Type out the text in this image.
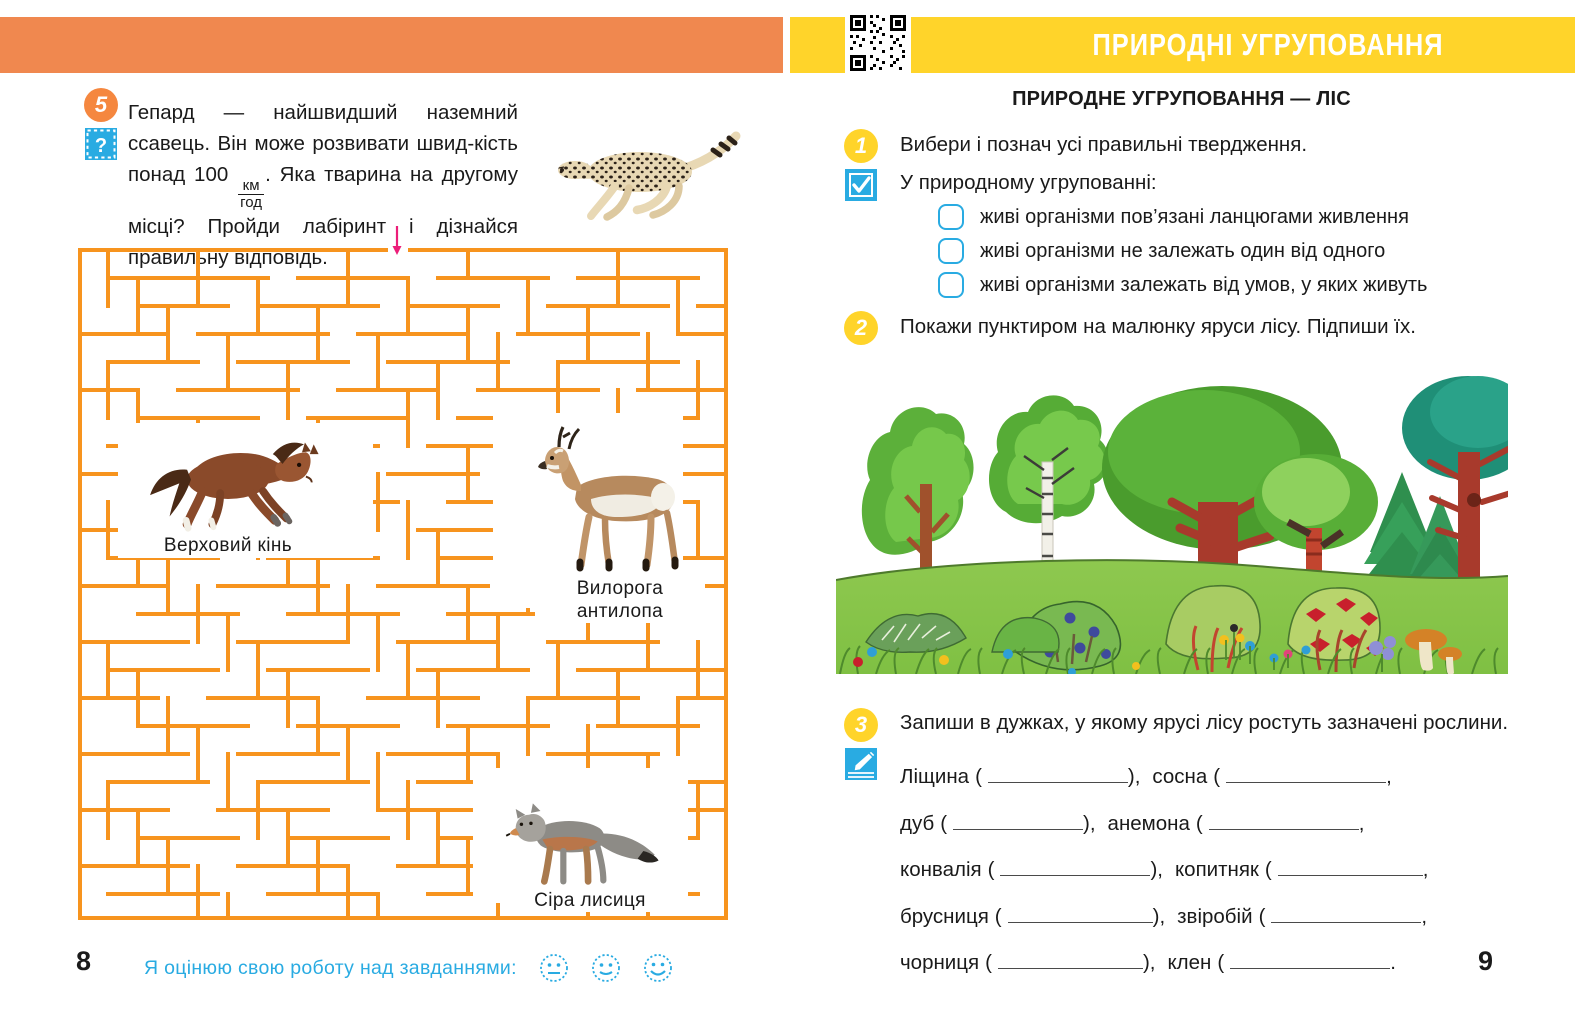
5
?
Гепард — найшвидший наземний ссавець. Він може розвивати швид-кість понад 100
$\frac{км}{\text{год}}$
. Яка тварина на другому місці? Пройди лабіринт і дізнайся правильну відповідь.
Верховий кінь
Вилорога
антилопа
Сіра лисиця
8	Я оцінюю свою роботу над завданнями:
ПРИРОДНІ УГРУПОВАННЯ
ПРИРОДНЕ УГРУПОВАННЯ — ЛІС
1	Вибери і познач усі правильні твердження.
У природному угрупованні:
живі організми пов’язані ланцюгами живлення
живі організми не залежать один від одного
живі організми залежать від умов, у яких живуть
2	Покажи пунктиром на малюнку яруси лісу. Підпиши їх.
3	Запиши в дужках, у якому ярусі лісу ростуть зазначені рослини.
Ліщина (	), сосна (	,
дуб (	), анемона (	,
конвалія (	), копитняк (	,
брусниця (	), звіробій (	,
чорниця (	), клен (	.	9
